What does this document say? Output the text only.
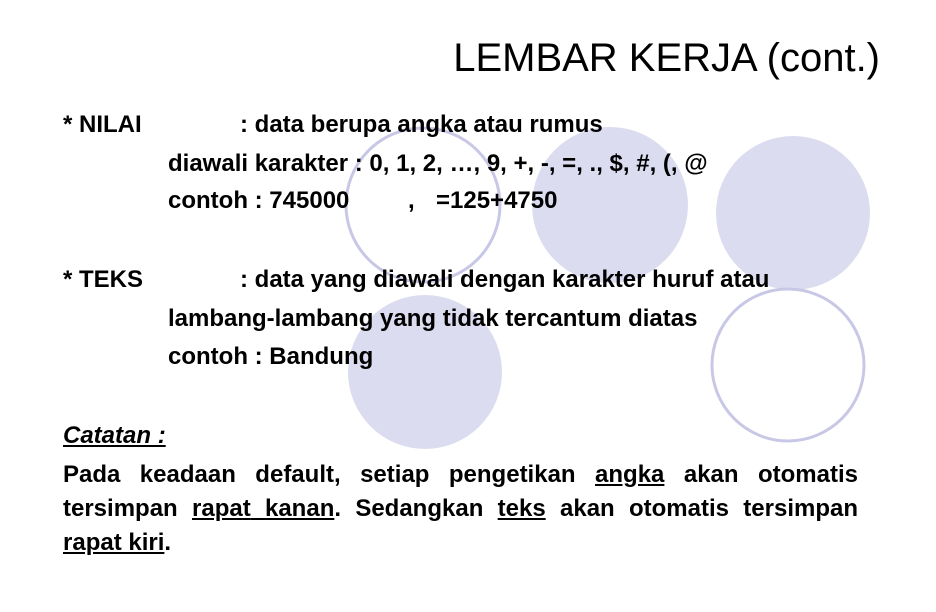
LEMBAR KERJA (cont.)
* NILAI	: data berupa angka atau rumus
diawali karakter : 0, 1, 2, …, 9, +, -, =, ., $, #, (, @
contoh : 745000 , =125+4750
* TEKS	: data yang diawali dengan karakter huruf atau
lambang-lambang yang tidak tercantum diatas
contoh : Bandung
Catatan :
Pada keadaan default, setiap pengetikan angka akan otomatis tersimpan rapat kanan. Sedangkan teks akan otomatis tersimpan rapat kiri.
